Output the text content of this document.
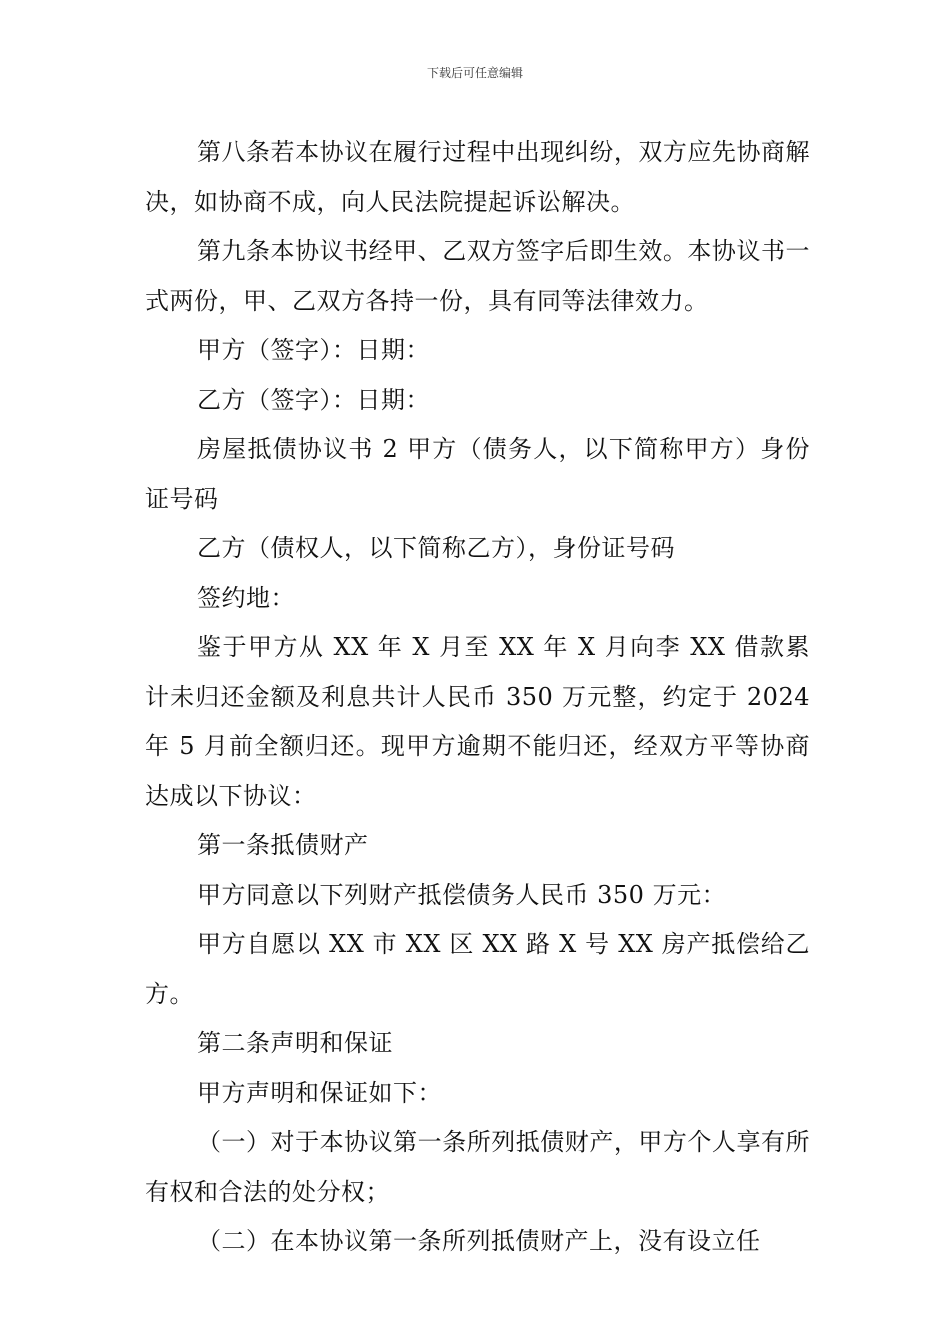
下载后可任意编辑

第八条若本协议在履行过程中出现纠纷，双方应先协商解决，如协商不成，向人民法院提起诉讼解决。

第九条本协议书经甲、乙双方签字后即生效。本协议书一式两份，甲、乙双方各持一份，具有同等法律效力。

甲方（签字）：日期：

乙方（签字）：日期：

房屋抵债协议书 2 甲方（债务人，以下简称甲方）身份证号码

乙方（债权人，以下简称乙方），身份证号码

签约地：

鉴于甲方从 XX 年 X 月至 XX 年 X 月向李 XX 借款累计未归还金额及利息共计人民币 350 万元整，约定于 2024 年 5 月前全额归还。现甲方逾期不能归还，经双方平等协商达成以下协议：

第一条抵债财产

甲方同意以下列财产抵偿债务人民币 350 万元：

甲方自愿以 XX 市 XX 区 XX 路 X 号 XX 房产抵偿给乙方。

第二条声明和保证

甲方声明和保证如下：

（一）对于本协议第一条所列抵债财产，甲方个人享有所有权和合法的处分权；

（二）在本协议第一条所列抵债财产上，没有设立任
